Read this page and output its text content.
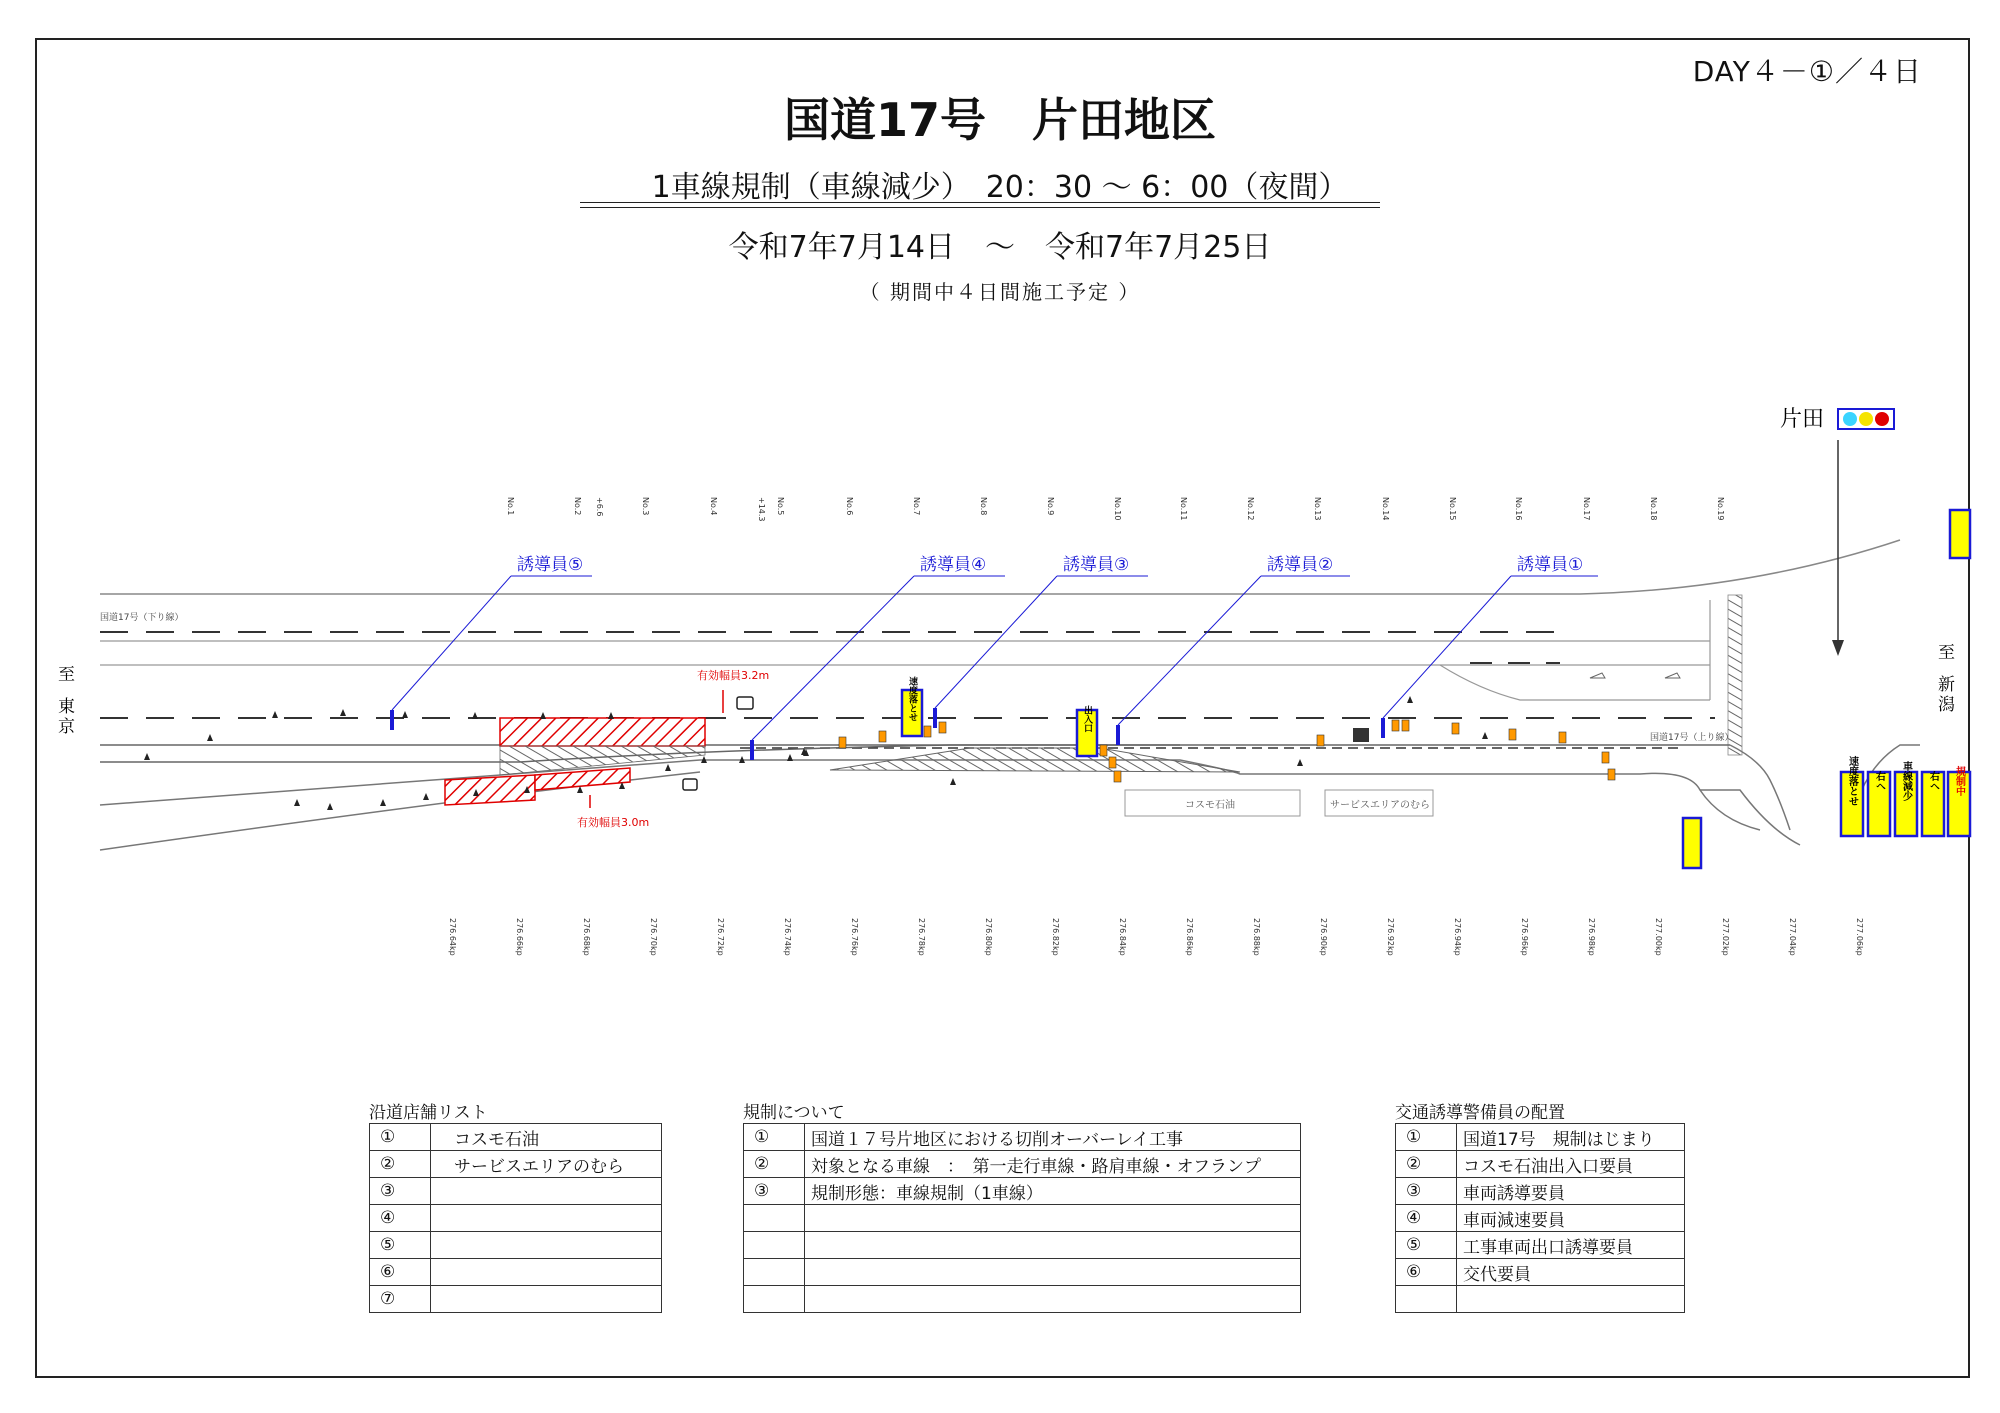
DAY４－①／４日
国道17号　片田地区
1車線規制（車線減少）　20：30 ～ 6：00（夜間）
令和7年7月14日　～　令和7年7月25日
（ 期間中４日間施工予定 ）
片田
至
東
京
至
新
潟
国道17号（下り線）
国道17号（上り線）
有効幅員3.2m
有効幅員3.0m
コスモ石油	サービスエリアのむら
誘導員⑤	誘導員④	誘導員③	誘導員②	誘導員①
No.1	No.2 +6.6	No.3	No.4	+14.3 No.5	No.6	No.7	No.8	No.9	No.10	No.11	No.12	No.13	No.14	No.15	No.16	No.17	No.18	No.19
276.64kp	276.66kp	276.68kp	276.70kp	276.72kp	276.74kp	276.76kp	276.78kp	276.80kp	276.82kp	276.84kp	276.86kp	276.88kp	276.90kp	276.92kp	276.94kp	276.96kp	276.98kp	277.00kp	277.02kp	277.04kp	277.06kp
速度落とせ	出入口
速度落とせ 右へ 車線減少 右へ 規制中
沿道店舗リスト
①	　コスモ石油
②	　サービスエリアのむら
③	
④	
⑤	
⑥	
⑦	
規制について
①	国道１７号片地区における切削オーバーレイ工事
②	対象となる車線　：　第一走行車線・路肩車線・オフランプ
③	規制形態：車線規制（1車線）

交通誘導警備員の配置
①	国道17号　規制はじまり
②	コスモ石油出入口要員
③	車両誘導要員
④	車両減速要員
⑤	工事車両出口誘導要員
⑥	交代要員
